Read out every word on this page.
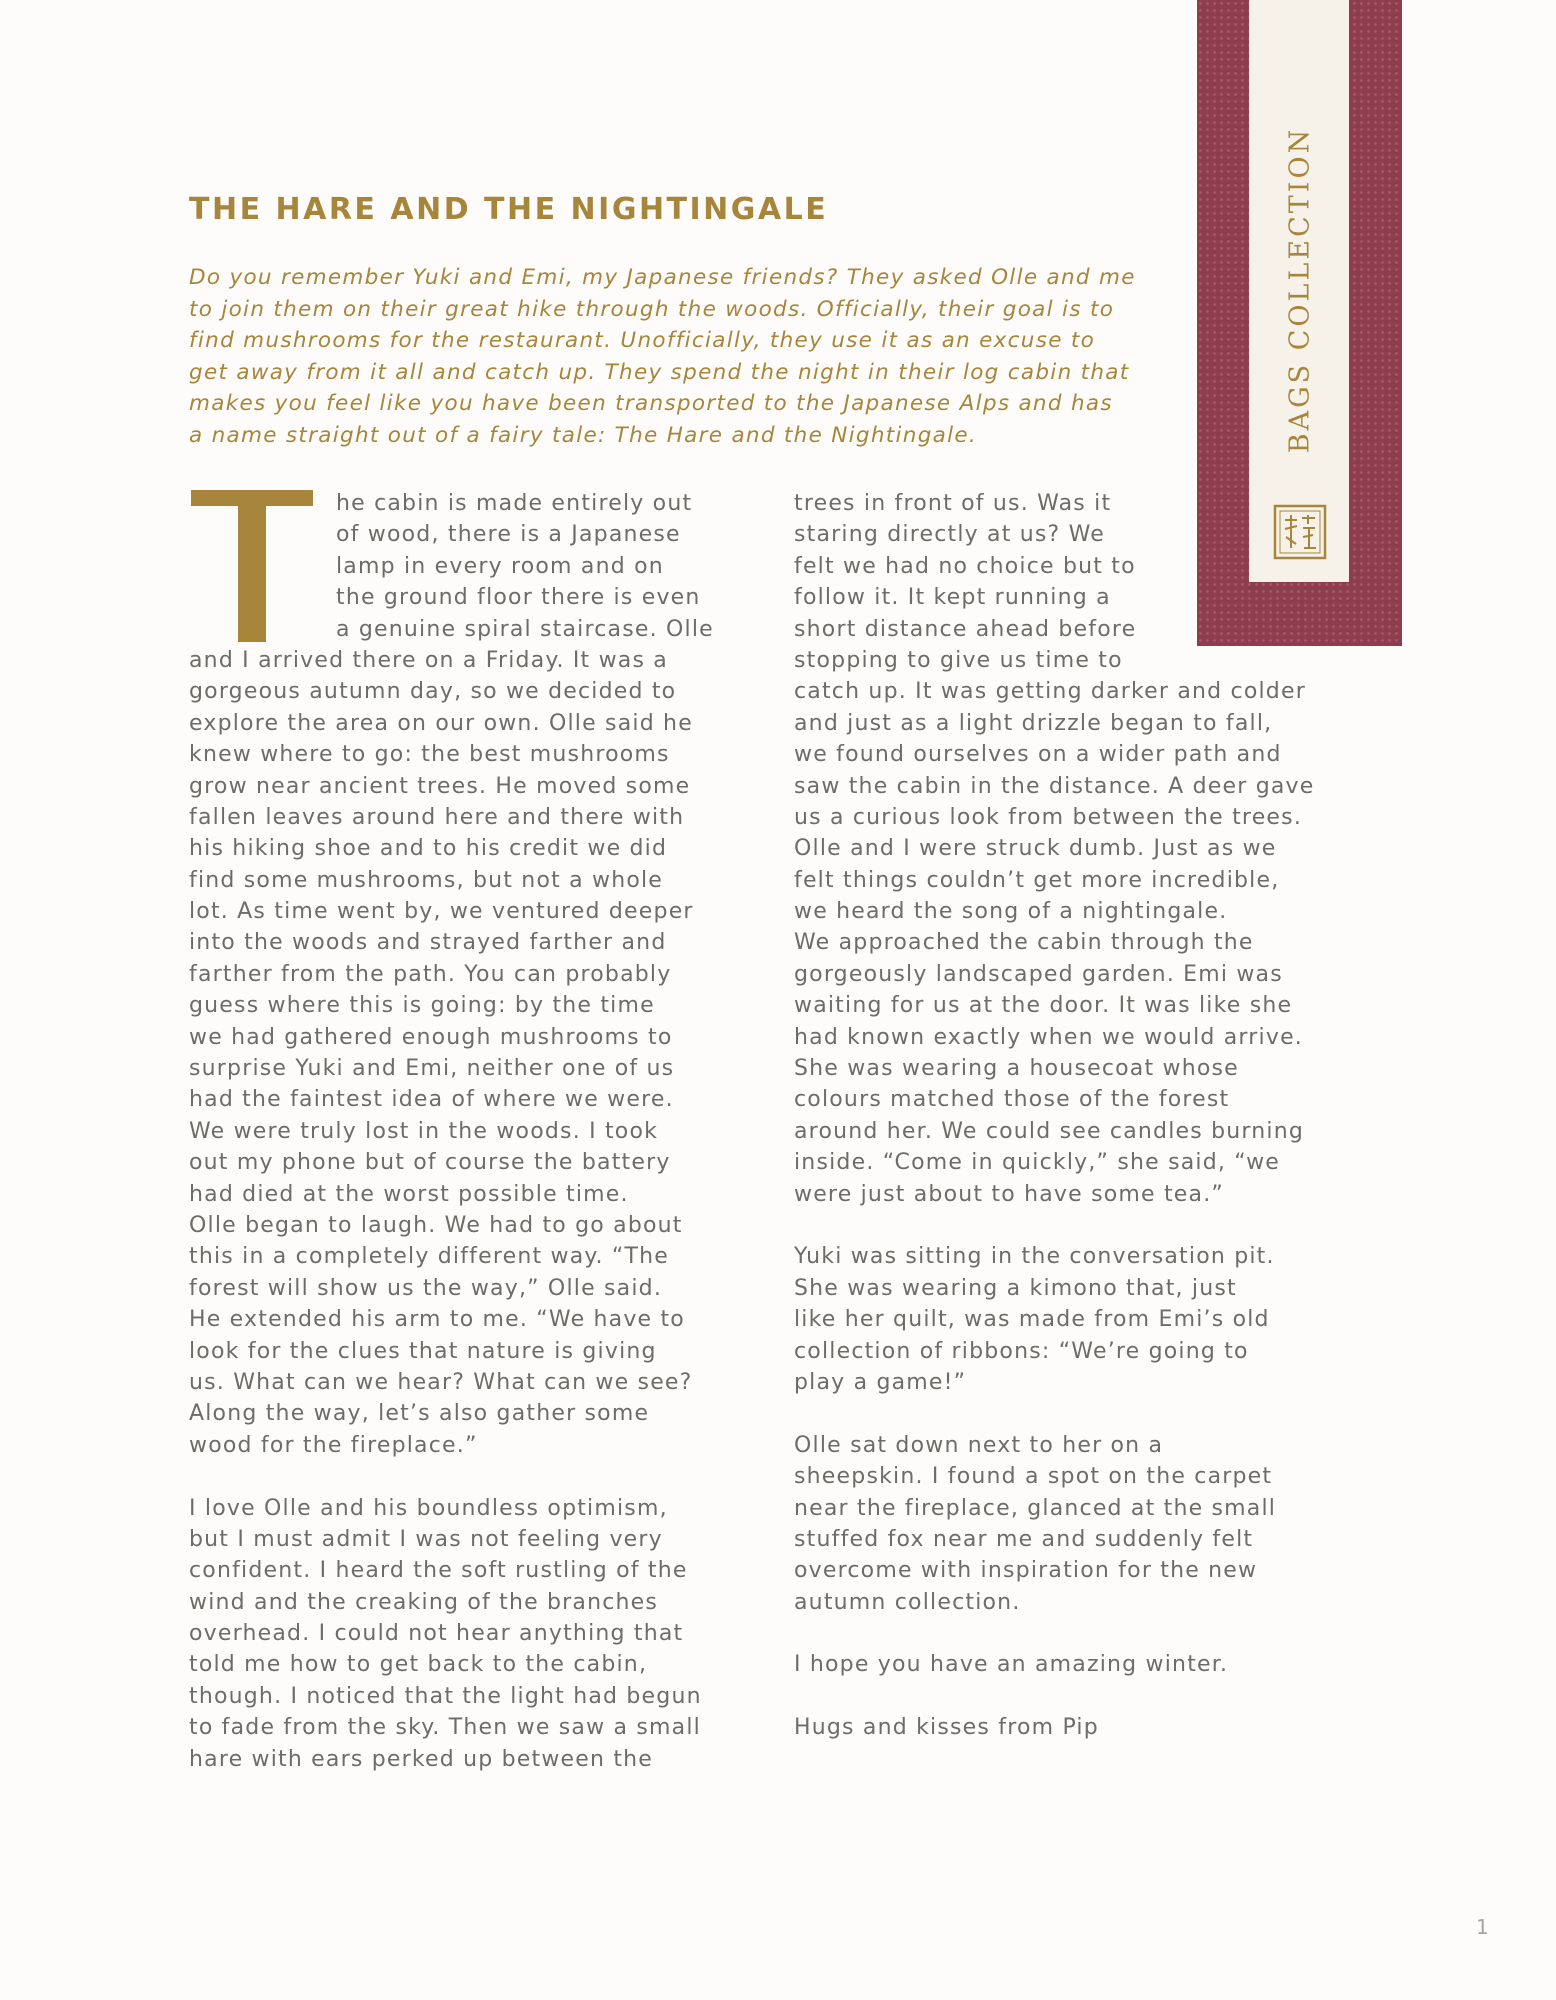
THE HARE AND THE NIGHTINGALE
Do you remember Yuki and Emi, my Japanese friends? They asked Olle and me
to join them on their great hike through the woods. Officially, their goal is to
find mushrooms for the restaurant. Unofficially, they use it as an excuse to
get away from it all and catch up. They spend the night in their log cabin that
makes you feel like you have been transported to the Japanese Alps and has
a name straight out of a fairy tale: The Hare and the Nightingale.
he cabin is made entirely out
of wood, there is a Japanese
lamp in every room and on
the ground floor there is even
a genuine spiral staircase. Olle
and I arrived there on a Friday. It was a
gorgeous autumn day, so we decided to
explore the area on our own. Olle said he
knew where to go: the best mushrooms
grow near ancient trees. He moved some
fallen leaves around here and there with
his hiking shoe and to his credit we did
find some mushrooms, but not a whole
lot. As time went by, we ventured deeper
into the woods and strayed farther and
farther from the path. You can probably
guess where this is going: by the time
we had gathered enough mushrooms to
surprise Yuki and Emi, neither one of us
had the faintest idea of where we were.
We were truly lost in the woods. I took
out my phone but of course the battery
had died at the worst possible time.
Olle began to laugh. We had to go about
this in a completely different way. “The
forest will show us the way,” Olle said.
He extended his arm to me. “We have to
look for the clues that nature is giving
us. What can we hear? What can we see?
Along the way, let’s also gather some
wood for the fireplace.”
I love Olle and his boundless optimism,
but I must admit I was not feeling very
confident. I heard the soft rustling of the
wind and the creaking of the branches
overhead. I could not hear anything that
told me how to get back to the cabin,
though. I noticed that the light had begun
to fade from the sky. Then we saw a small
hare with ears perked up between the
trees in front of us. Was it
staring directly at us? We
felt we had no choice but to
follow it. It kept running a
short distance ahead before
stopping to give us time to
catch up. It was getting darker and colder
and just as a light drizzle began to fall,
we found ourselves on a wider path and
saw the cabin in the distance. A deer gave
us a curious look from between the trees.
Olle and I were struck dumb. Just as we
felt things couldn’t get more incredible,
we heard the song of a nightingale.
We approached the cabin through the
gorgeously landscaped garden. Emi was
waiting for us at the door. It was like she
had known exactly when we would arrive.
She was wearing a housecoat whose
colours matched those of the forest
around her. We could see candles burning
inside. “Come in quickly,” she said, “we
were just about to have some tea.”
Yuki was sitting in the conversation pit.
She was wearing a kimono that, just
like her quilt, was made from Emi’s old
collection of ribbons: “We’re going to
play a game!”
Olle sat down next to her on a
sheepskin. I found a spot on the carpet
near the fireplace, glanced at the small
stuffed fox near me and suddenly felt
overcome with inspiration for the new
autumn collection.
I hope you have an amazing winter.
Hugs and kisses from Pip
BAGS COLLECTION
1
